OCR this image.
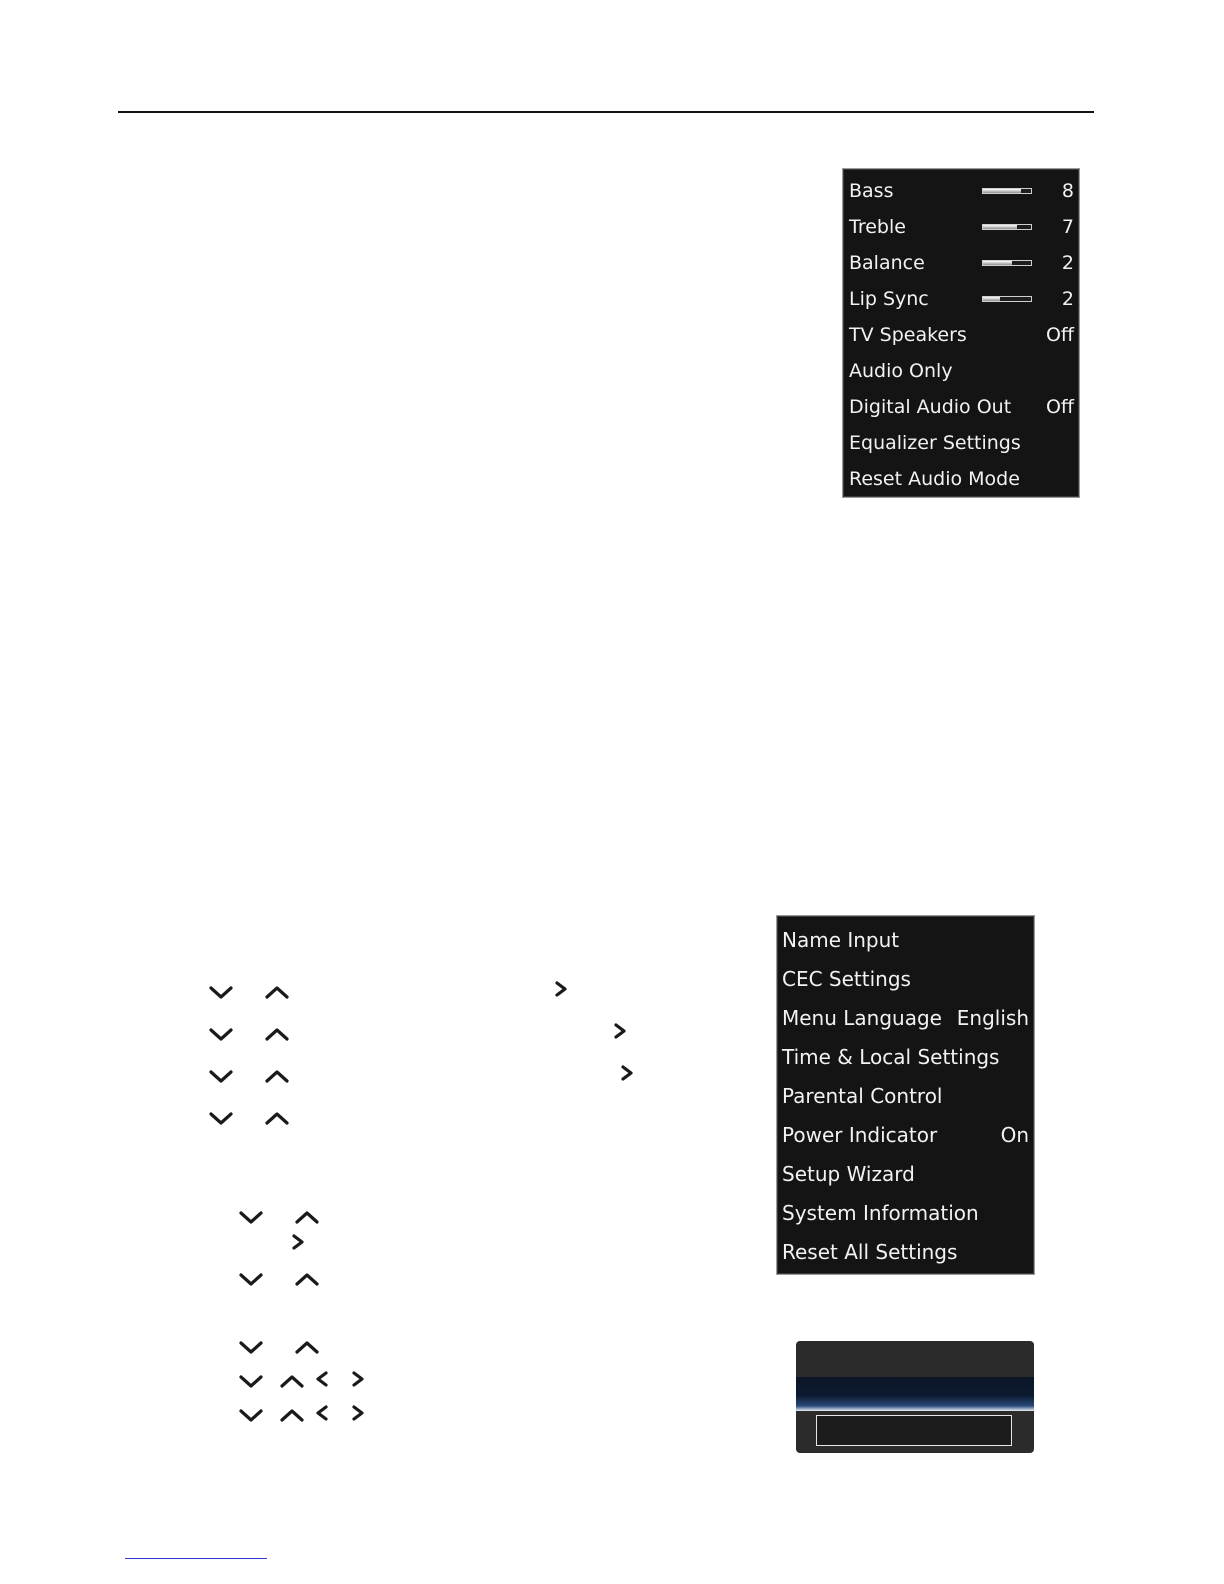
Bass	8
Treble	7
Balance	2
Lip Sync	2
TV Speakers	Off
Audio Only
Digital Audio Out	Off
Equalizer Settings
Reset Audio Mode
Name Input
CEC Settings
Menu Language English
Time & Local Settings
Parental Control
Power Indicator	On
Setup Wizard
System Information
Reset All Settings
